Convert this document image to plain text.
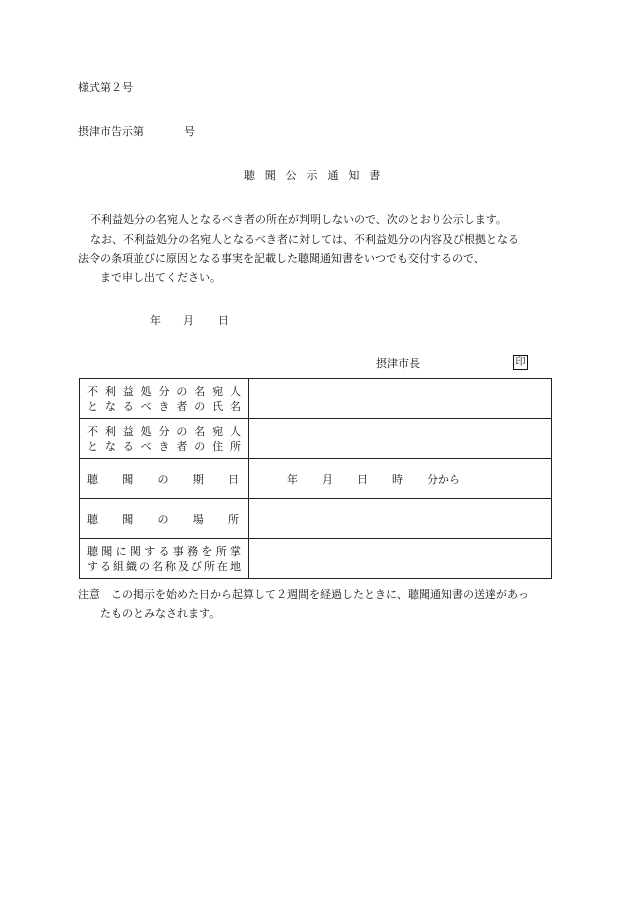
様式第２号
摂津市告示第	号
聴聞公示通知書
不利益処分の名宛人となるべき者の所在が判明しないので、次のとおり公示します。
なお、不利益処分の名宛人となるべき者に対しては、不利益処分の内容及び根拠となる
法令の条項並びに原因となる事実を記載した聴聞通知書をいつでも交付するので、
まで申し出てください。
年 月 日
摂津市長	印
不利益処分の名宛人
となるべき者の氏名	

不利益処分の名宛人
となるべき者の住所	

聴聞の期日	年 月 日 時 分から

聴聞の場所	

聴聞に関する事務を所掌
する組織の名称及び所在地	

注意　この掲示を始めた日から起算して２週間を経過したときに、聴聞通知書の送達があっ
たものとみなされます。
